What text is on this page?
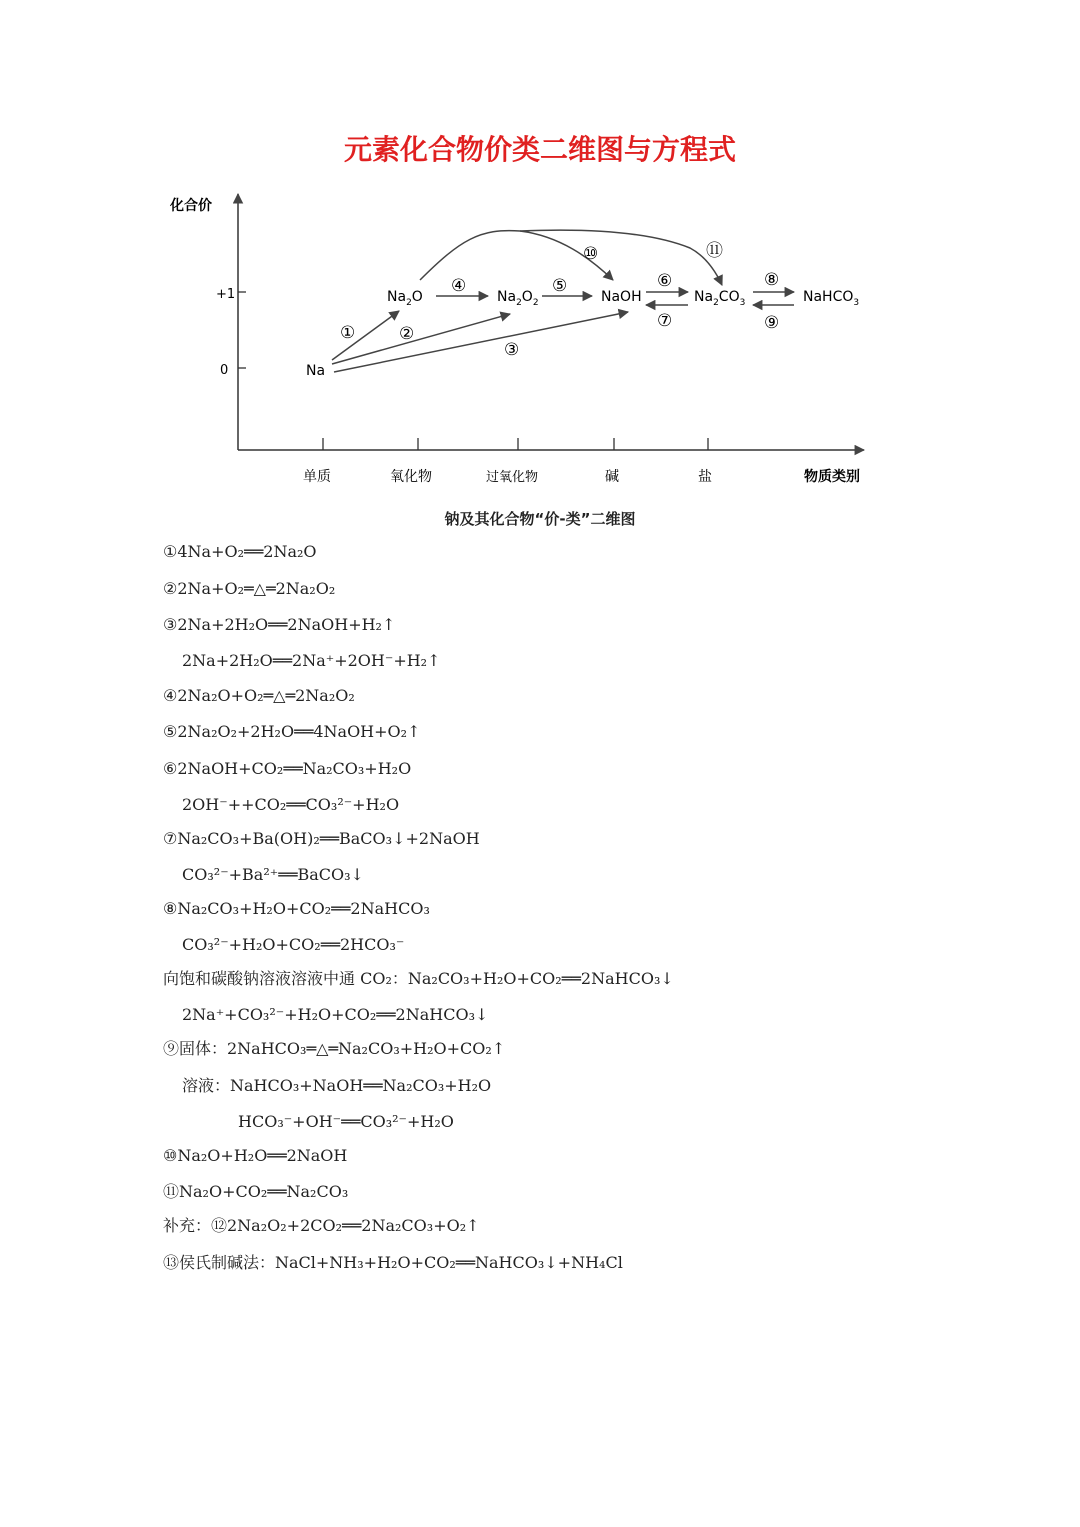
元素化合物价类二维图与方程式
化合价
物质类别
+1
0
单质	氧化物	过氧化物	碱	盐
Na
$Na_2O$	$Na_2O_2$	NaOH	$Na_2CO_3$	NaHCO$_3$
①	②
③
④	⑤	⑥
⑦
⑧
⑨
⑩	⑪
钠及其化合物“价-类”二维图
①4Na+O₂══2Na₂O
②2Na+O₂═△═2Na₂O₂
③2Na+2H₂O══2NaOH+H₂↑
2Na+2H₂O══2Na⁺+2OH⁻+H₂↑
④2Na₂O+O₂═△═2Na₂O₂
⑤2Na₂O₂+2H₂O══4NaOH+O₂↑
⑥2NaOH+CO₂══Na₂CO₃+H₂O
2OH⁻++CO₂══CO₃²⁻+H₂O
⑦Na₂CO₃+Ba(OH)₂══BaCO₃↓+2NaOH
CO₃²⁻+Ba²⁺══BaCO₃↓
⑧Na₂CO₃+H₂O+CO₂══2NaHCO₃
CO₃²⁻+H₂O+CO₂══2HCO₃⁻
向饱和碳酸钠溶液溶液中通 CO₂：Na₂CO₃+H₂O+CO₂══2NaHCO₃↓
2Na⁺+CO₃²⁻+H₂O+CO₂══2NaHCO₃↓
⑨固体：2NaHCO₃═△═Na₂CO₃+H₂O+CO₂↑
溶液：NaHCO₃+NaOH══Na₂CO₃+H₂O
HCO₃⁻+OH⁻══CO₃²⁻+H₂O
⑩Na₂O+H₂O══2NaOH
⑪Na₂O+CO₂══Na₂CO₃
补充：⑫2Na₂O₂+2CO₂══2Na₂CO₃+O₂↑
⑬侯氏制碱法：NaCl+NH₃+H₂O+CO₂══NaHCO₃↓+NH₄Cl
